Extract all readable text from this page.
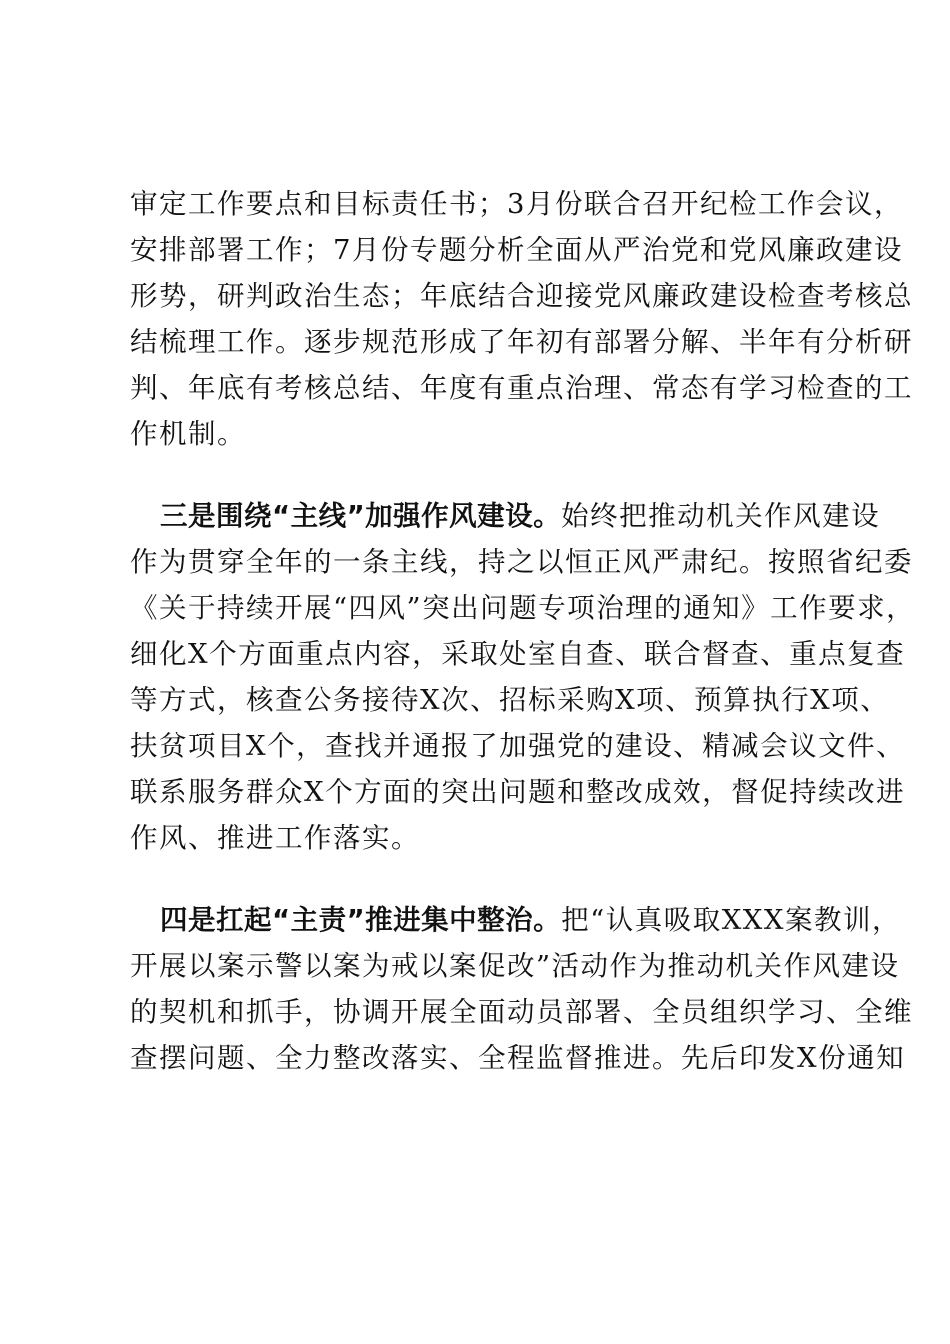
审定工作要点和目标责任书；3月份联合召开纪检工作会议，
安排部署工作；7月份专题分析全面从严治党和党风廉政建设
形势，研判政治生态；年底结合迎接党风廉政建设检查考核总
结梳理工作。逐步规范形成了年初有部署分解、半年有分析研
判、年底有考核总结、年度有重点治理、常态有学习检查的工
作机制。
三是围绕“主线”加强作风建设。始终把推动机关作风建设
作为贯穿全年的一条主线，持之以恒正风严肃纪。按照省纪委
《关于持续开展“四风”突出问题专项治理的通知》工作要求，
细化X个方面重点内容，采取处室自查、联合督查、重点复查
等方式，核查公务接待X次、招标采购X项、预算执行X项、
扶贫项目X个，查找并通报了加强党的建设、精减会议文件、
联系服务群众X个方面的突出问题和整改成效，督促持续改进
作风、推进工作落实。
四是扛起“主责”推进集中整治。把“认真吸取XXX案教训，
开展以案示警以案为戒以案促改”活动作为推动机关作风建设
的契机和抓手，协调开展全面动员部署、全员组织学习、全维
查摆问题、全力整改落实、全程监督推进。先后印发X份通知
